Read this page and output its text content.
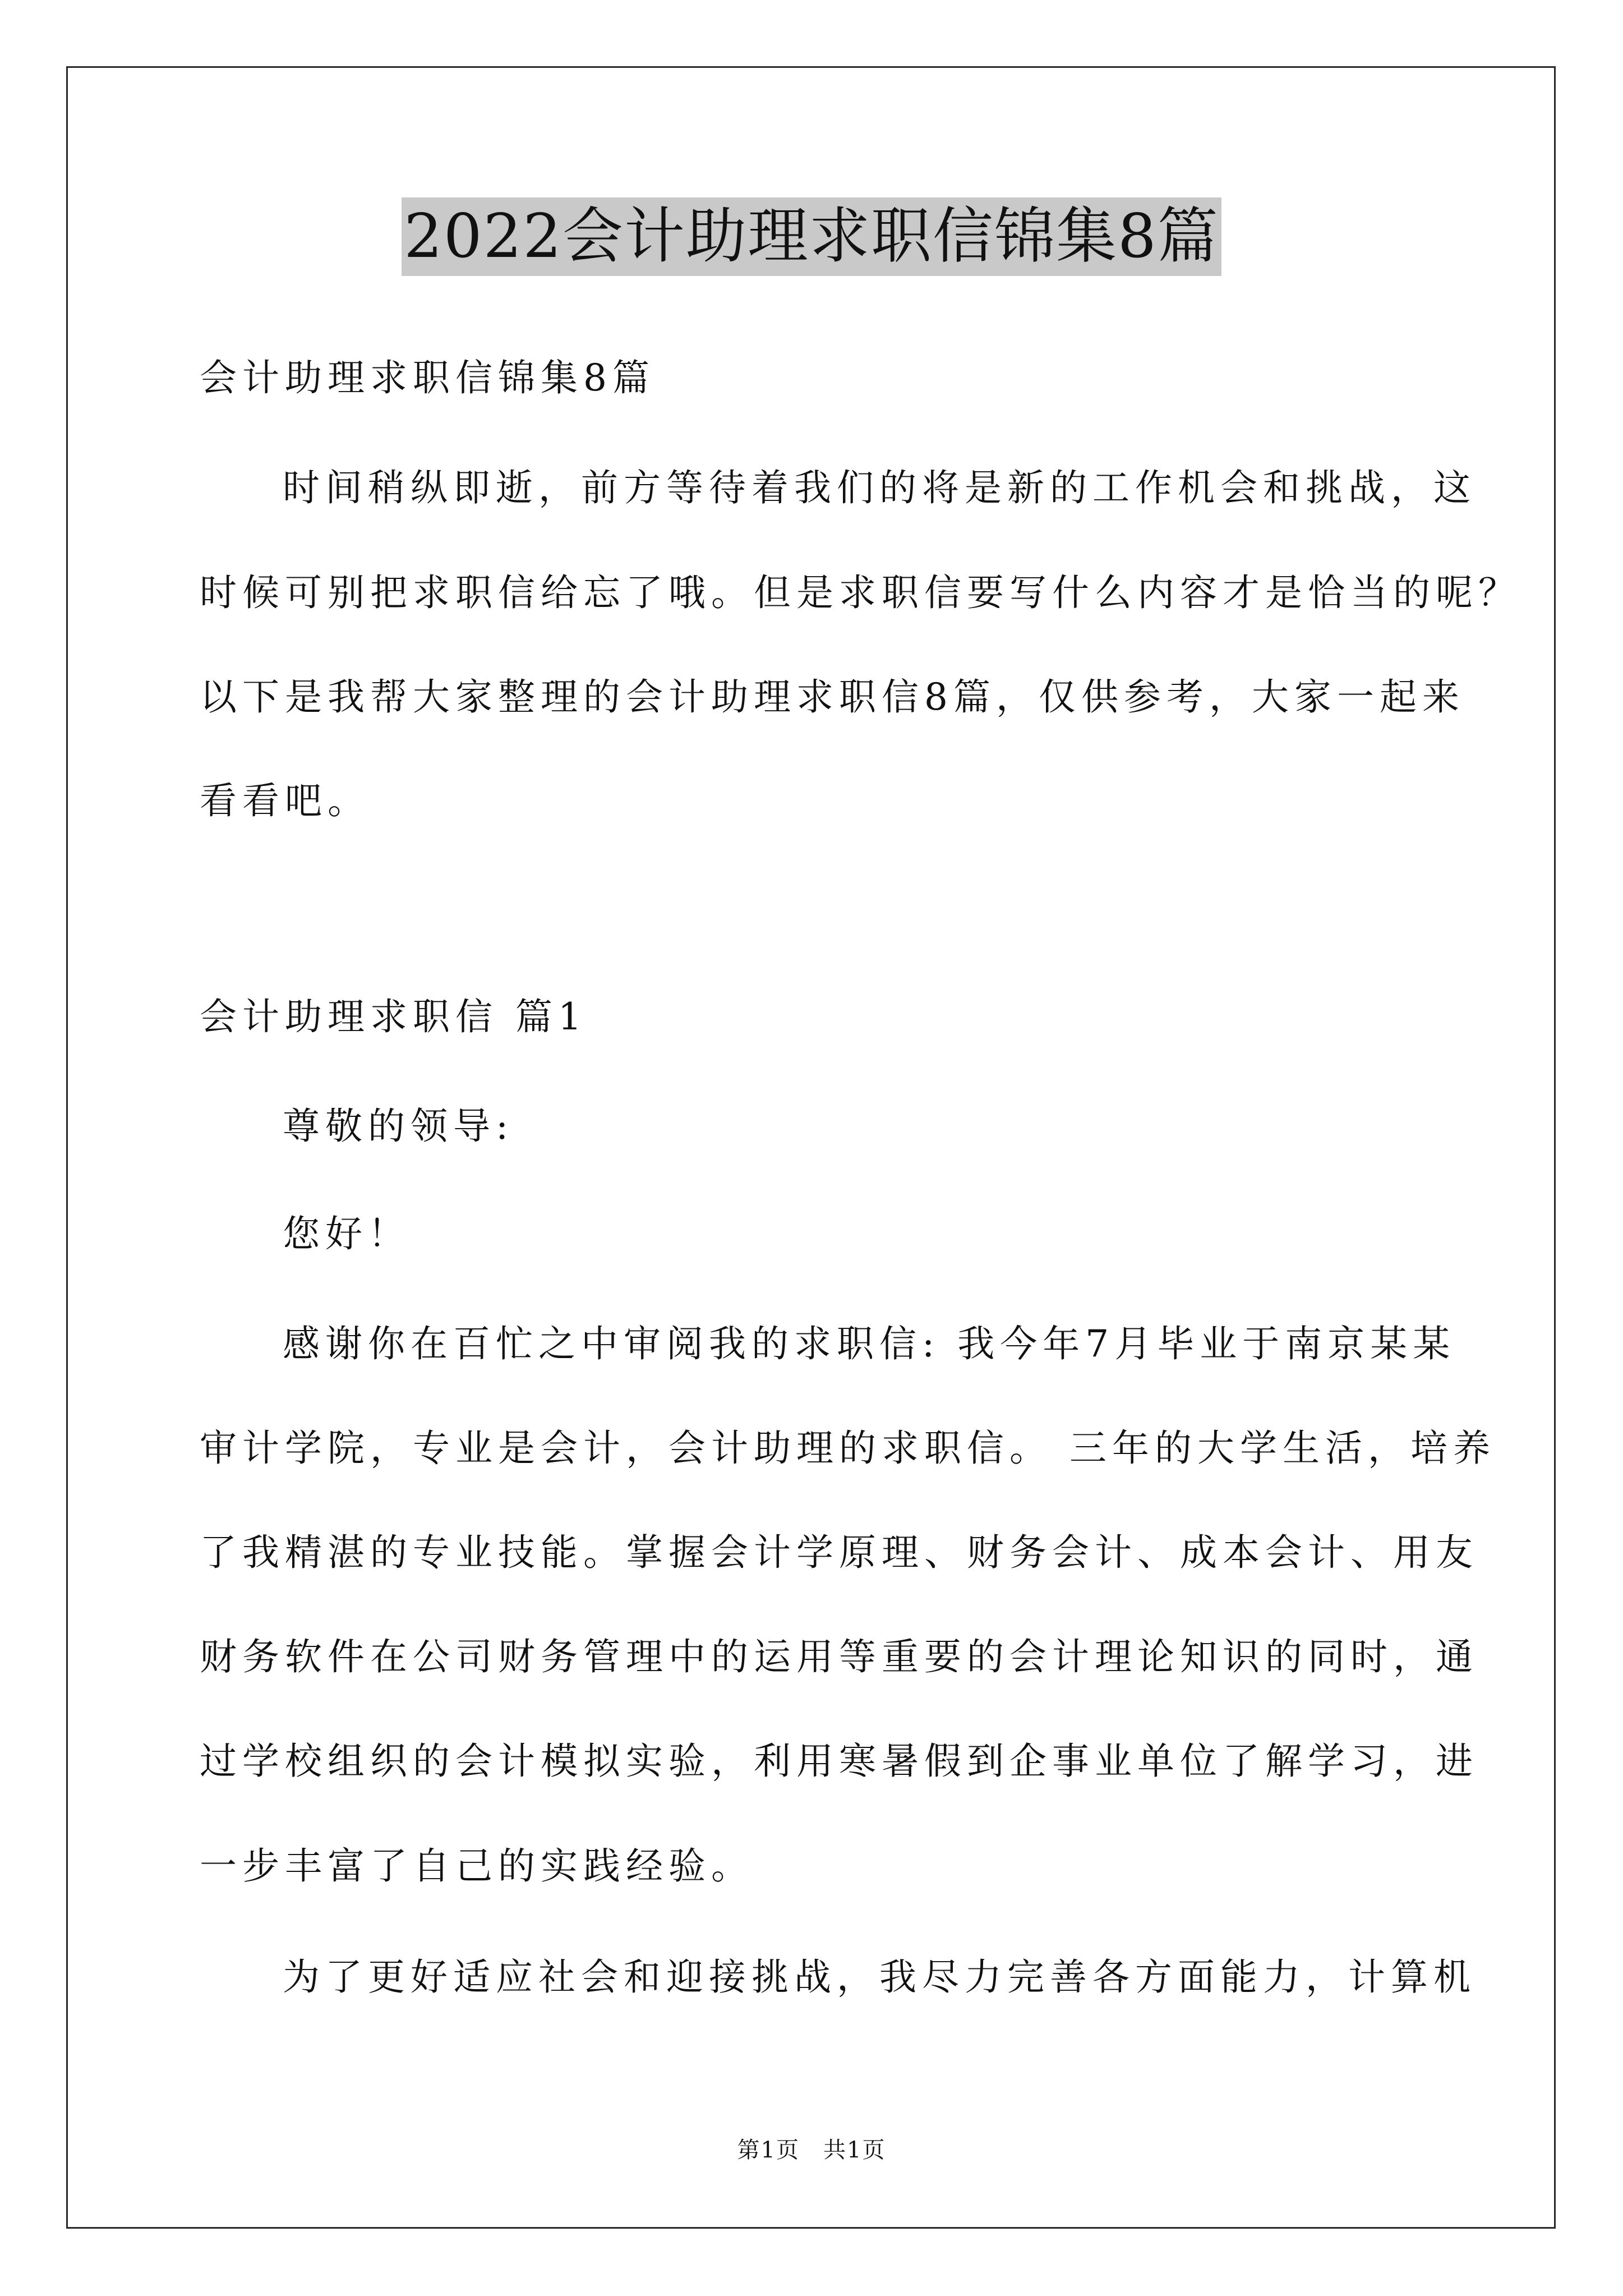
2022会计助理求职信锦集8篇
会计助理求职信锦集8篇
时间稍纵即逝，前方等待着我们的将是新的工作机会和挑战，这
时候可别把求职信给忘了哦。但是求职信要写什么内容才是恰当的呢？
以下是我帮大家整理的会计助理求职信8篇，仅供参考，大家一起来
看看吧。
会计助理求职信 篇1
尊敬的领导:
您好！
感谢你在百忙之中审阅我的求职信: 我今年7月毕业于南京某某
审计学院，专业是会计，会计助理的求职信。 三年的大学生活，培养
了我精湛的专业技能。掌握会计学原理、财务会计、成本会计、用友
财务软件在公司财务管理中的运用等重要的会计理论知识的同时，通
过学校组织的会计模拟实验，利用寒暑假到企事业单位了解学习，进
一步丰富了自己的实践经验。
为了更好适应社会和迎接挑战，我尽力完善各方面能力，计算机
第1页　共1页
